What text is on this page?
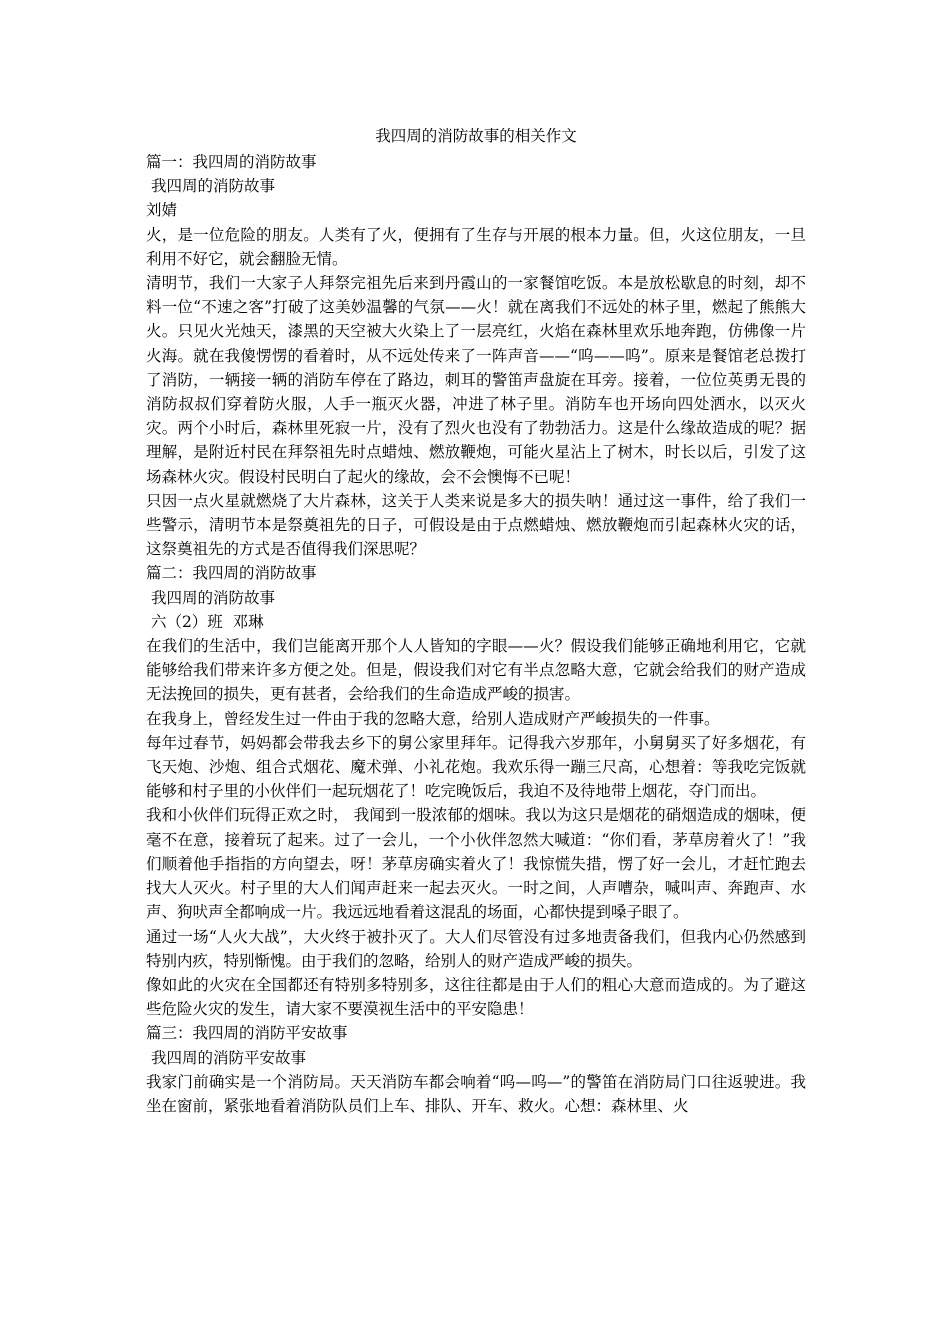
我四周的消防故事的相关作文

篇一：我四周的消防故事

我四周的消防故事

刘婧

火，是一位危险的朋友。人类有了火，便拥有了生存与开展的根本力量。但，火这位朋友，一旦利用不好它，就会翻脸无情。

清明节，我们一大家子人拜祭完祖先后来到丹霞山的一家餐馆吃饭。本是放松歇息的时刻，却不料一位“不速之客”打破了这美妙温馨的气氛——火！就在离我们不远处的林子里，燃起了熊熊大火。只见火光烛天，漆黑的天空被大火染上了一层亮红，火焰在森林里欢乐地奔跑，仿佛像一片火海。就在我傻愣愣的看着时，从不远处传来了一阵声音——“呜——呜”。原来是餐馆老总拨打了消防，一辆接一辆的消防车停在了路边，刺耳的警笛声盘旋在耳旁。接着，一位位英勇无畏的消防叔叔们穿着防火服，人手一瓶灭火器，冲进了林子里。消防车也开场向四处洒水，以灭火灾。两个小时后，森林里死寂一片，没有了烈火也没有了勃勃活力。这是什么缘故造成的呢？据理解，是附近村民在拜祭祖先时点蜡烛、燃放鞭炮，可能火星沾上了树木，时长以后，引发了这场森林火灾。假设村民明白了起火的缘故，会不会懊悔不已呢！

只因一点火星就燃烧了大片森林，这关于人类来说是多大的损失呐！通过这一事件，给了我们一些警示，清明节本是祭奠祖先的日子，可假设是由于点燃蜡烛、燃放鞭炮而引起森林火灾的话，这祭奠祖先的方式是否值得我们深思呢？

篇二：我四周的消防故事

我四周的消防故事

六（2）班  邓琳

在我们的生活中，我们岂能离开那个人人皆知的字眼——火？假设我们能够正确地利用它，它就能够给我们带来许多方便之处。但是，假设我们对它有半点忽略大意，它就会给我们的财产造成无法挽回的损失，更有甚者，会给我们的生命造成严峻的损害。

在我身上，曾经发生过一件由于我的忽略大意，给别人造成财产严峻损失的一件事。

每年过春节，妈妈都会带我去乡下的舅公家里拜年。记得我六岁那年，小舅舅买了好多烟花，有飞天炮、沙炮、组合式烟花、魔术弹、小礼花炮。我欢乐得一蹦三尺高，心想着：等我吃完饭就能够和村子里的小伙伴们一起玩烟花了！吃完晚饭后，我迫不及待地带上烟花，夺门而出。

我和小伙伴们玩得正欢之时， 我闻到一股浓郁的烟味。我以为这只是烟花的硝烟造成的烟味，便毫不在意，接着玩了起来。过了一会儿，一个小伙伴忽然大喊道：“你们看，茅草房着火了！”我们顺着他手指指的方向望去，呀！茅草房确实着火了！我惊慌失措，愣了好一会儿，才赶忙跑去找大人灭火。村子里的大人们闻声赶来一起去灭火。一时之间，人声嘈杂，喊叫声、奔跑声、水声、狗吠声全都响成一片。我远远地看着这混乱的场面，心都快提到嗓子眼了。

通过一场“人火大战”，大火终于被扑灭了。大人们尽管没有过多地责备我们，但我内心仍然感到特别内疚，特别惭愧。由于我们的忽略，给别人的财产造成严峻的损失。

像如此的火灾在全国都还有特别多特别多，这往往都是由于人们的粗心大意而造成的。为了避这些危险火灾的发生，请大家不要漠视生活中的平安隐患！

篇三：我四周的消防平安故事

我四周的消防平安故事

我家门前确实是一个消防局。天天消防车都会响着“呜—呜—”的警笛在消防局门口往返驶进。我坐在窗前，紧张地看着消防队员们上车、排队、开车、救火。心想：森林里、火
